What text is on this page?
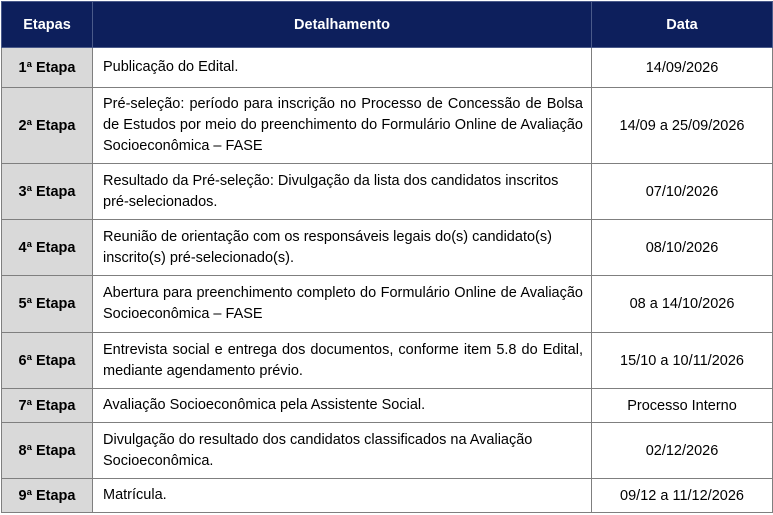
Etapas	Detalhamento	Data
1ª Etapa	Publicação do Edital.	14/09/2026
2ª Etapa	Pré-seleção: período para inscrição no Processo de Concessão de Bolsa de Estudos por meio do preenchimento do Formulário Online de Avaliação Socioeconômica – FASE	14/09 a 25/09/2026
3ª Etapa	Resultado da Pré-seleção: Divulgação da lista dos candidatos inscritos pré-selecionados.	07/10/2026
4ª Etapa	Reunião de orientação com os responsáveis legais do(s) candidato(s) inscrito(s) pré-selecionado(s).	08/10/2026
5ª Etapa	Abertura para preenchimento completo do Formulário Online de Avaliação Socioeconômica – FASE	08 a 14/10/2026
6ª Etapa	Entrevista social e entrega dos documentos, conforme item 5.8 do Edital, mediante agendamento prévio.	15/10 a 10/11/2026
7ª Etapa	Avaliação Socioeconômica pela Assistente Social.	Processo Interno
8ª Etapa	Divulgação do resultado dos candidatos classificados na Avaliação Socioeconômica.	02/12/2026
9ª Etapa	Matrícula.	09/12 a 11/12/2026
